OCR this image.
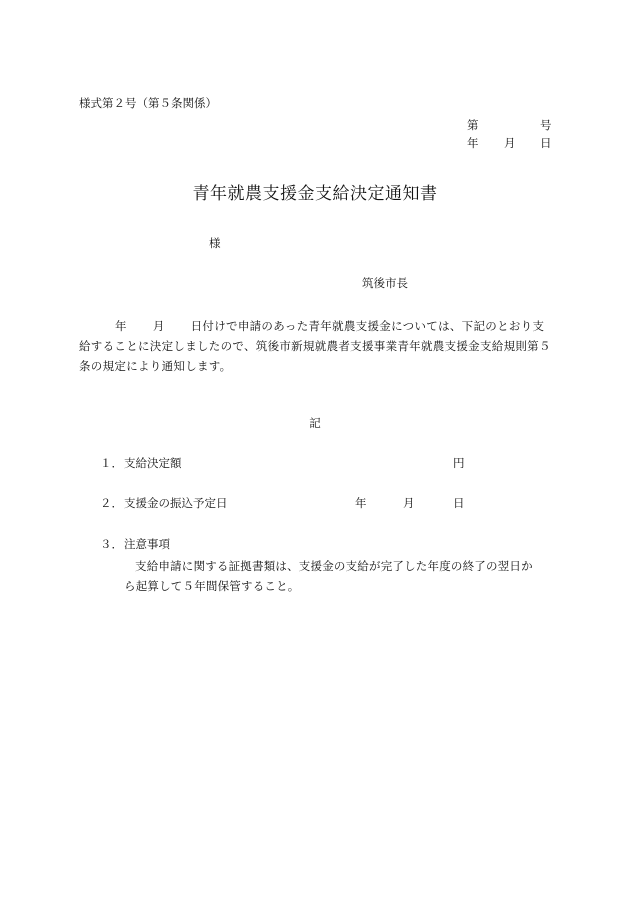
様式第２号（第５条関係）
第	号
年 月 日
青年就農支援金支給決定通知書
様
筑後市長
年 月 日付けで申請のあった青年就農支援金については、下記のとおり支給することに決定しましたので、筑後市新規就農者支援事業青年就農支援金支給規則第５条の規定により通知します。
記
１． 支給決定額	円
２． 支援金の振込予定日	年	月	日
３． 注意事項
支給申請に関する証拠書類は、支援金の支給が完了した年度の終了の翌日か
ら起算して５年間保管すること。
